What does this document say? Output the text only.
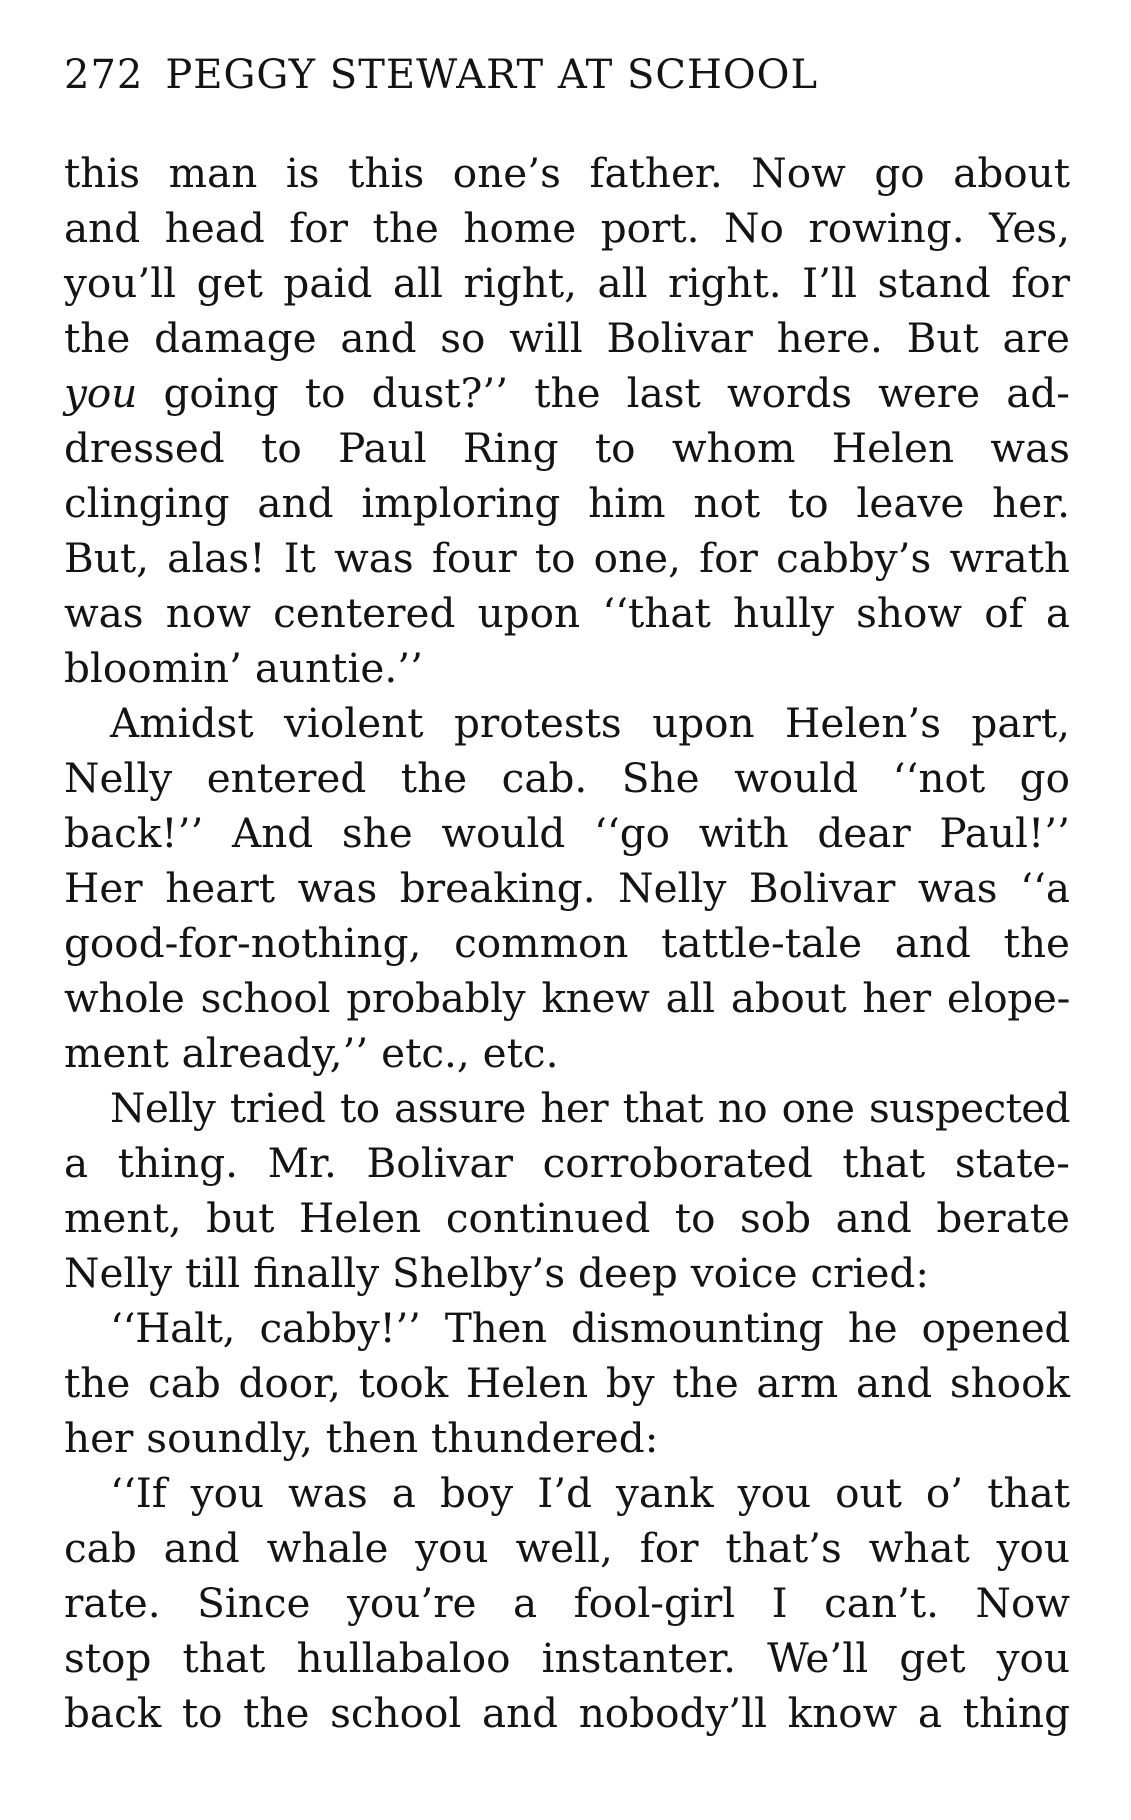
272 PEGGY STEWART AT SCHOOL
this man is this one’s father. Now go about
and head for the home port. No rowing. Yes,
you’ll get paid all right, all right. I’ll stand for
the damage and so will Bolivar here. But are
you going to dust?’’ the last words were ad-
dressed to Paul Ring to whom Helen was
clinging and imploring him not to leave her.
But, alas! It was four to one, for cabby’s wrath
was now centered upon ‘‘that hully show of a
bloomin’ auntie.’’
Amidst violent protests upon Helen’s part,
Nelly entered the cab. She would ‘‘not go
back!’’ And she would ‘‘go with dear Paul!’’
Her heart was breaking. Nelly Bolivar was ‘‘a
good-for-nothing, common tattle-tale and the
whole school probably knew all about her elope-
ment already,’’ etc., etc.
Nelly tried to assure her that no one suspected
a thing. Mr. Bolivar corroborated that state-
ment, but Helen continued to sob and berate
Nelly till finally Shelby’s deep voice cried:
‘‘Halt, cabby!’’ Then dismounting he opened
the cab door, took Helen by the arm and shook
her soundly, then thundered:
‘‘If you was a boy I’d yank you out o’ that
cab and whale you well, for that’s what you
rate. Since you’re a fool-girl I can’t. Now
stop that hullabaloo instanter. We’ll get you
back to the school and nobody’ll know a thing
